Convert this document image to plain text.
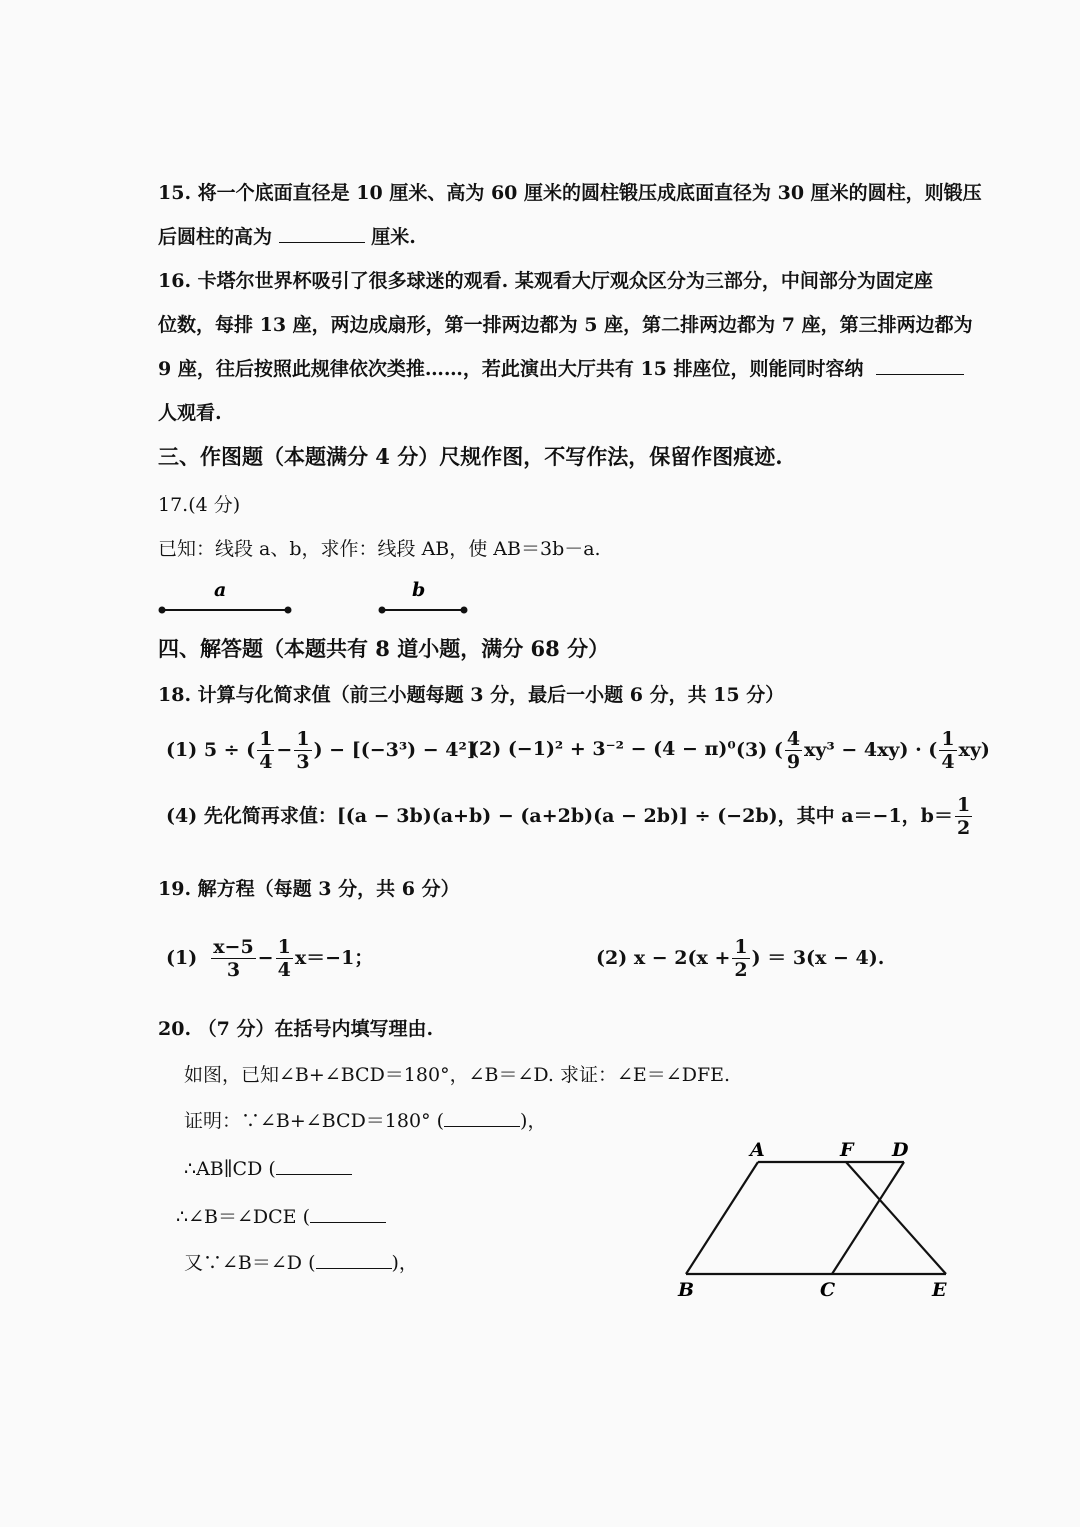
15. 将一个底面直径是 10 厘米、高为 60 厘米的圆柱锻压成底面直径为 30 厘米的圆柱，则锻压
后圆柱的高为	厘米.
16. 卡塔尔世界杯吸引了很多球迷的观看. 某观看大厅观众区分为三部分，中间部分为固定座
位数，每排 13 座，两边成扇形，第一排两边都为 5 座，第二排两边都为 7 座，第三排两边都为
9 座，往后按照此规律依次类推……，若此演出大厅共有 15 排座位，则能同时容纳
人观看.
三、作图题（本题满分 4 分）尺规作图，不写作法，保留作图痕迹.
17.(4 分)
已知：线段 a、b，求作：线段 AB，使 AB＝3b－a.
a	b
四、解答题（本题共有 8 道小题，满分 68 分）
18. 计算与化简求值（前三小题每题 3 分，最后一小题 6 分，共 15 分）
(1) 5 ÷ ( $\frac{1}{4} - \frac{1}{3}$ ) − [(−3³) − 4²]
(2) (−1)² + 3⁻² − (4 − π)⁰ (3) ( $\frac{4}{9} xy^3 - 4xy$) · ( $\frac{1}{4} xy$)
(4) 先化简再求值：[(a − 3b)(a+b) − (a+2b)(a − 2b)] ÷ (−2b)，其中 a＝−1，$b= \frac{1}{2}$
19. 解方程（每题 3 分，共 6 分）
$(1) \frac{x-5}{3} - \frac{1}{4} x=-1$；	(2) $x - 2(x + \frac{1}{2}$ ) ＝ 3(x − 4).
20. （7 分）在括号内填写理由.
如图，已知∠B+∠BCD＝180°，∠B＝∠D. 求证：∠E＝∠DFE.
证明：∵∠B+∠BCD＝180° (	)，
∴AB∥CD (
∴∠B＝∠DCE (
又∵∠B＝∠D (	)，
A	F D
B	C	E
